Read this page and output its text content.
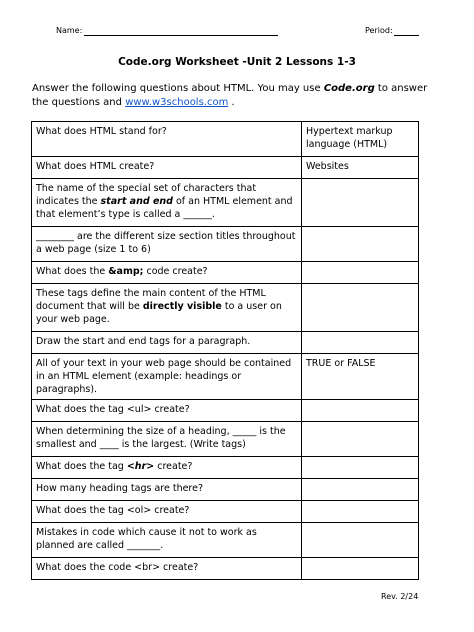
Name:	Period:
Code.org Worksheet -Unit 2 Lessons 1-3
Answer the following questions about HTML. You may use Code.org to answer the questions and www.w3schools.com .
What does HTML stand for?	Hypertext markup language (HTML)
What does HTML create?	Websites
The name of the special set of characters that indicates the start and end of an HTML element and that element’s type is called a ______.	
________ are the different size section titles throughout a web page (size 1 to 6)	
What does the &amp; code create?	
These tags define the main content of the HTML document that will be directly visible to a user on your web page.	
Draw the start and end tags for a paragraph.	
All of your text in your web page should be contained in an HTML element (example: headings or paragraphs).	TRUE or FALSE
What does the tag <ul> create?	
When determining the size of a heading, _____ is the smallest and ____ is the largest. (Write tags)	
What does the tag <hr> create?	
How many heading tags are there?	
What does the tag <ol> create?	
Mistakes in code which cause it not to work as planned are called _______.	
What does the code <br> create?	
Rev. 2/24
